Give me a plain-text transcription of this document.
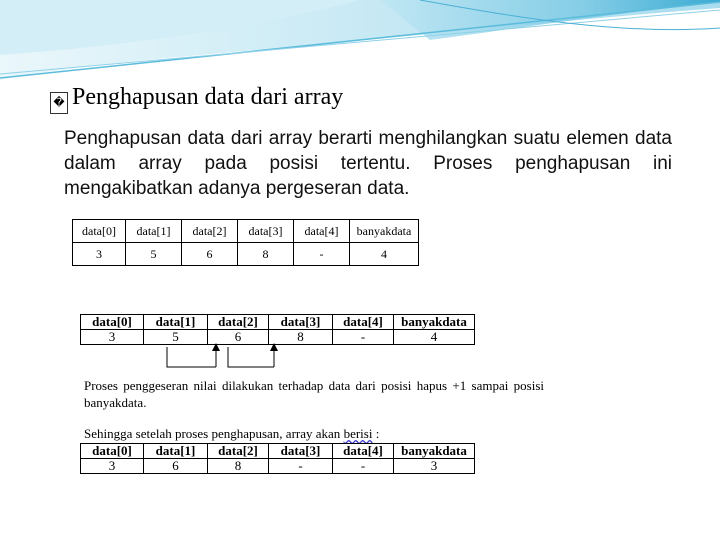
� Penghapusan data dari array
Penghapusan data dari array berarti menghilangkan suatu elemen data dalam array pada posisi tertentu. Proses penghapusan ini mengakibatkan adanya pergeseran data.
data[0]	data[1]	data[2]	data[3]	data[4]	banyakdata
3	5	6	8	-	4
data[0]	data[1]	data[2]	data[3]	data[4]	banyakdata
3	5	6	8	-	4
Proses penggeseran nilai dilakukan terhadap data dari posisi hapus +1 sampai posisi banyakdata.
Sehingga setelah proses penghapusan, array akan berisi :
data[0]	data[1]	data[2]	data[3]	data[4]	banyakdata
3	6	8	-	-	3
